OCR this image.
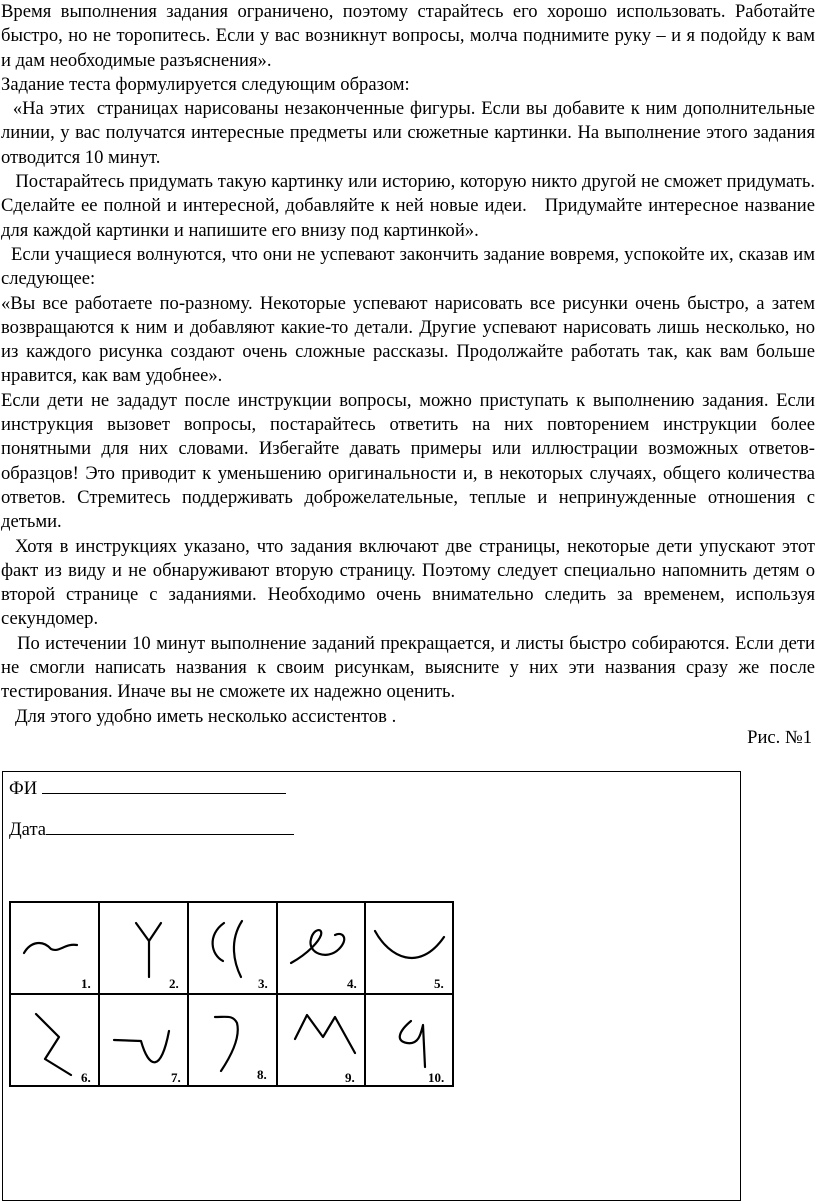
Время выполнения задания ограничено, поэтому старайтесь его хорошо использовать. Работайте быстро, но не торопитесь. Если у вас возникнут вопросы, молча поднимите руку – и я подойду к вам и дам необходимые разъяснения».

Задание теста формулируется следующим образом:

«На этих  страницах нарисованы незаконченные фигуры. Если вы добавите к ним дополнительные линии, у вас получатся интересные предметы или сюжетные картинки. На выполнение этого задания отводится 10 минут.

Постарайтесь придумать такую картинку или историю, которую никто другой не сможет придумать. Сделайте ее полной и интересной, добавляйте к ней новые идеи.   Придумайте интересное название для каждой картинки и напишите его внизу под картинкой».

Если учащиеся волнуются, что они не успевают закончить задание вовремя, успокойте их, сказав им следующее:

«Вы все работаете по-разному. Некоторые успевают нарисовать все рисунки очень быстро, а затем возвращаются к ним и добавляют какие-то детали. Другие успевают нарисовать лишь несколько, но из каждого рисунка создают очень сложные рассказы. Продолжайте работать так, как вам больше нравится, как вам удобнее».

Если дети не зададут после инструкции вопросы, можно приступать к выполнению задания. Если инструкция вызовет вопросы, постарайтесь ответить на них повторением инструкции более понятными для них словами. Избегайте давать примеры или иллюстрации возможных ответов-образцов! Это приводит к уменьшению оригинальности и, в некоторых случаях, общего количества ответов. Стремитесь поддерживать доброжелательные, теплые и непринужденные отношения с детьми.

Хотя в инструкциях указано, что задания включают две страницы, некоторые дети упускают этот факт из виду и не обнаруживают вторую страницу. Поэтому следует специально напомнить детям о второй странице с заданиями. Необходимо очень внимательно следить за временем, используя секундомер.

По истечении 10 минут выполнение заданий прекращается, и листы быстро собираются. Если дети не смогли написать названия к своим рисункам, выясните у них эти названия сразу же после тестирования. Иначе вы не сможете их надежно оценить.

Для этого удобно иметь несколько ассистентов .

Рис. №1
ФИ
Дата
1.	2.	3.	4.	5.
6.	7.	8.	9.	10.
